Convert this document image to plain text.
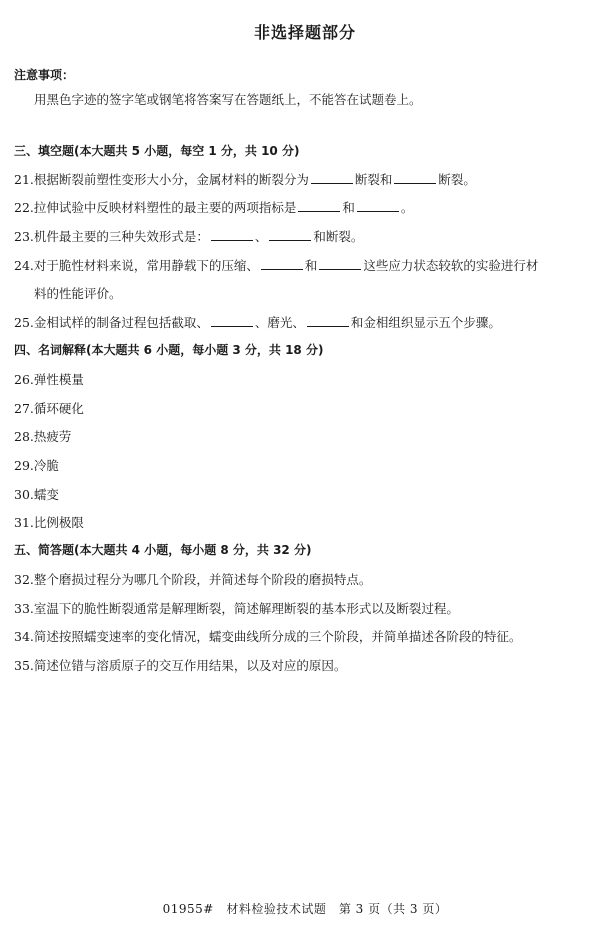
非选择题部分
注意事项：
用黑色字迹的签字笔或钢笔将答案写在答题纸上，不能答在试题卷上。
三、填空题(本大题共 5 小题，每空 1 分，共 10 分)
21.根据断裂前塑性变形大小分，金属材料的断裂分为	断裂和	断裂。
22.拉伸试验中反映材料塑性的最主要的两项指标是	和	。
23.机件最主要的三种失效形式是：	、	和断裂。
24.对于脆性材料来说，常用静载下的压缩、	和	这些应力状态较软的实验进行材
料的性能评价。
25.金相试样的制备过程包括截取、	、磨光、	和金相组织显示五个步骤。
四、名词解释(本大题共 6 小题，每小题 3 分，共 18 分)
26.弹性模量
27.循环硬化
28.热疲劳
29.冷脆
30.蠕变
31.比例极限
五、简答题(本大题共 4 小题，每小题 8 分，共 32 分)
32.整个磨损过程分为哪几个阶段，并简述每个阶段的磨损特点。
33.室温下的脆性断裂通常是解理断裂，简述解理断裂的基本形式以及断裂过程。
34.简述按照蠕变速率的变化情况，蠕变曲线所分成的三个阶段，并简单描述各阶段的特征。
35.简述位错与溶质原子的交互作用结果，以及对应的原因。
01955#　材料检验技术试题　第 3 页（共 3 页）
